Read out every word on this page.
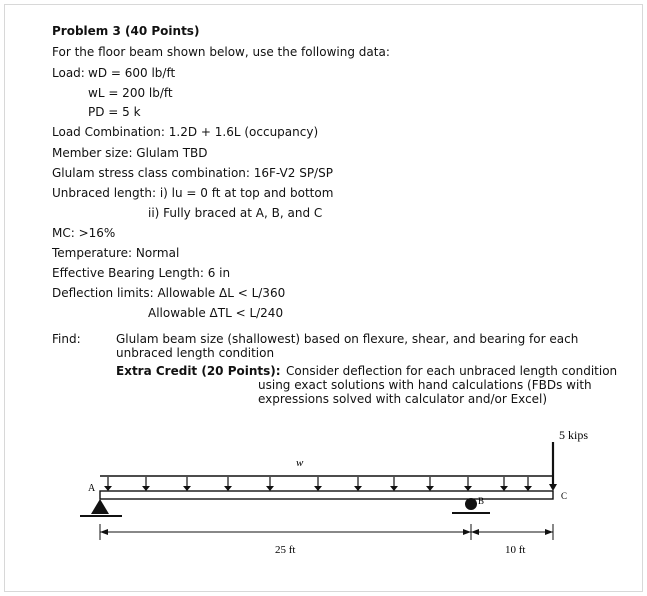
Problem 3 (40 Points)
For the floor beam shown below, use the following data:
Load: wD = 600 lb/ft
wL = 200 lb/ft
PD = 5 k
Load Combination: 1.2D + 1.6L (occupancy)
Member size: Glulam TBD
Glulam stress class combination: 16F-V2 SP/SP
Unbraced length: i) lu = 0 ft at top and bottom
ii) Fully braced at A, B, and C
MC: >16%
Temperature: Normal
Effective Bearing Length: 6 in
Deflection limits: Allowable ΔL < L/360
Allowable ΔTL < L/240
Find:	Glulam beam size (shallowest) based on flexure, shear, and bearing for each
unbraced length condition
Extra Credit (20 Points): Consider deflection for each unbraced length condition
using exact solutions with hand calculations (FBDs with
expressions solved with calculator and/or Excel)
w
5 kips
A
B	C
25 ft	10 ft
